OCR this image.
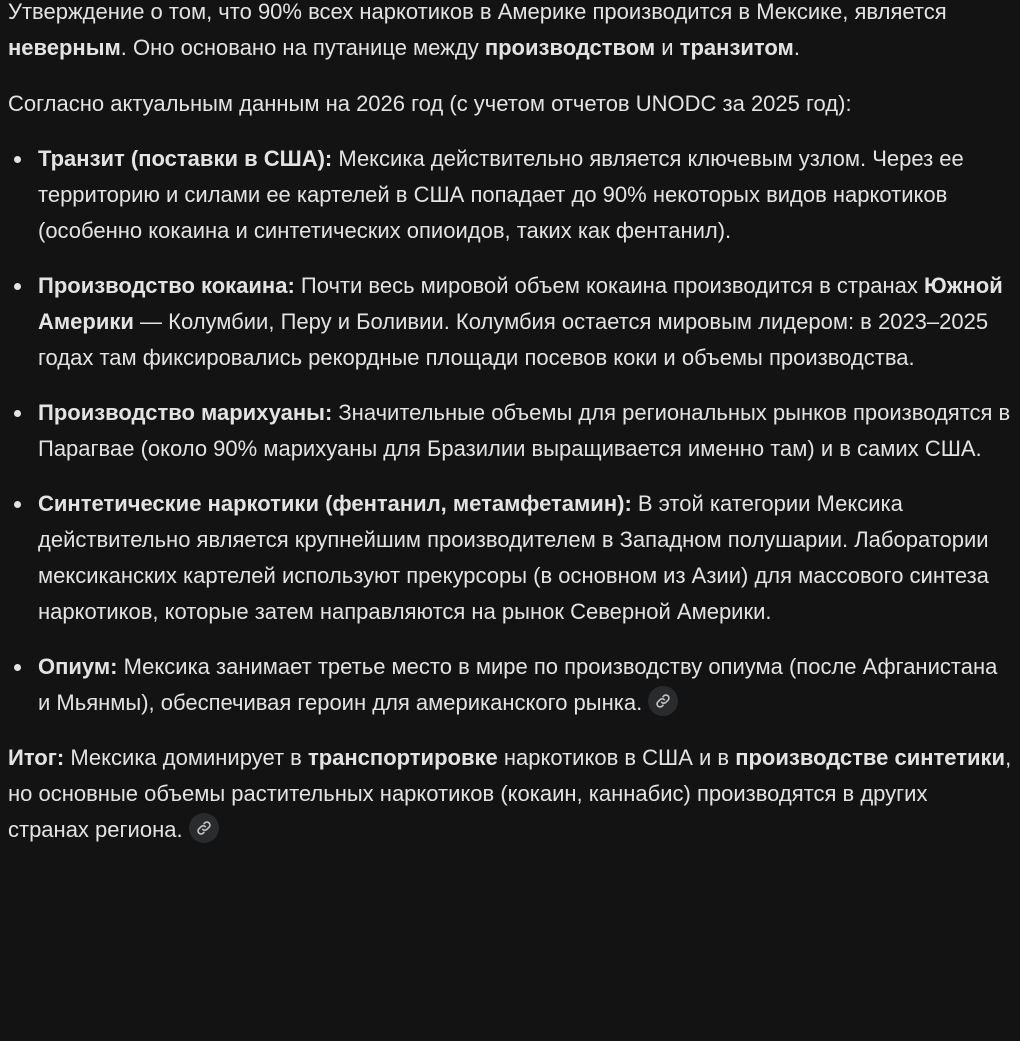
Утверждение о том, что 90% всех наркотиков в Америке производится в Мексике, является неверным. Оно основано на путанице между производством и транзитом.

Согласно актуальным данным на 2026 год (с учетом отчетов UNODC за 2025 год):

Транзит (поставки в США): Мексика действительно является ключевым узлом. Через ее территорию и силами ее картелей в США попадает до 90% некоторых видов наркотиков (особенно кокаина и синтетических опиоидов, таких как фентанил).
Производство кокаина: Почти весь мировой объем кокаина производится в странах Южной Америки — Колумбии, Перу и Боливии. Колумбия остается мировым лидером: в 2023–2025 годах там фиксировались рекордные площади посевов коки и объемы производства.
Производство марихуаны: Значительные объемы для региональных рынков производятся в Парагвае (около 90% марихуаны для Бразилии выращивается именно там) и в самих США.
Синтетические наркотики (фентанил, метамфетамин): В этой категории Мексика действительно является крупнейшим производителем в Западном полушарии. Лаборатории мексиканских картелей используют прекурсоры (в основном из Азии) для массового синтеза наркотиков, которые затем направляются на рынок Северной Америки.
Опиум: Мексика занимает третье место в мире по производству опиума (после Афганистана и Мьянмы), обеспечивая героин для американского рынка.

Итог: Мексика доминирует в транспортировке наркотиков в США и в производстве синтетики, но основные объемы растительных наркотиков (кокаин, каннабис) производятся в других странах региона.
